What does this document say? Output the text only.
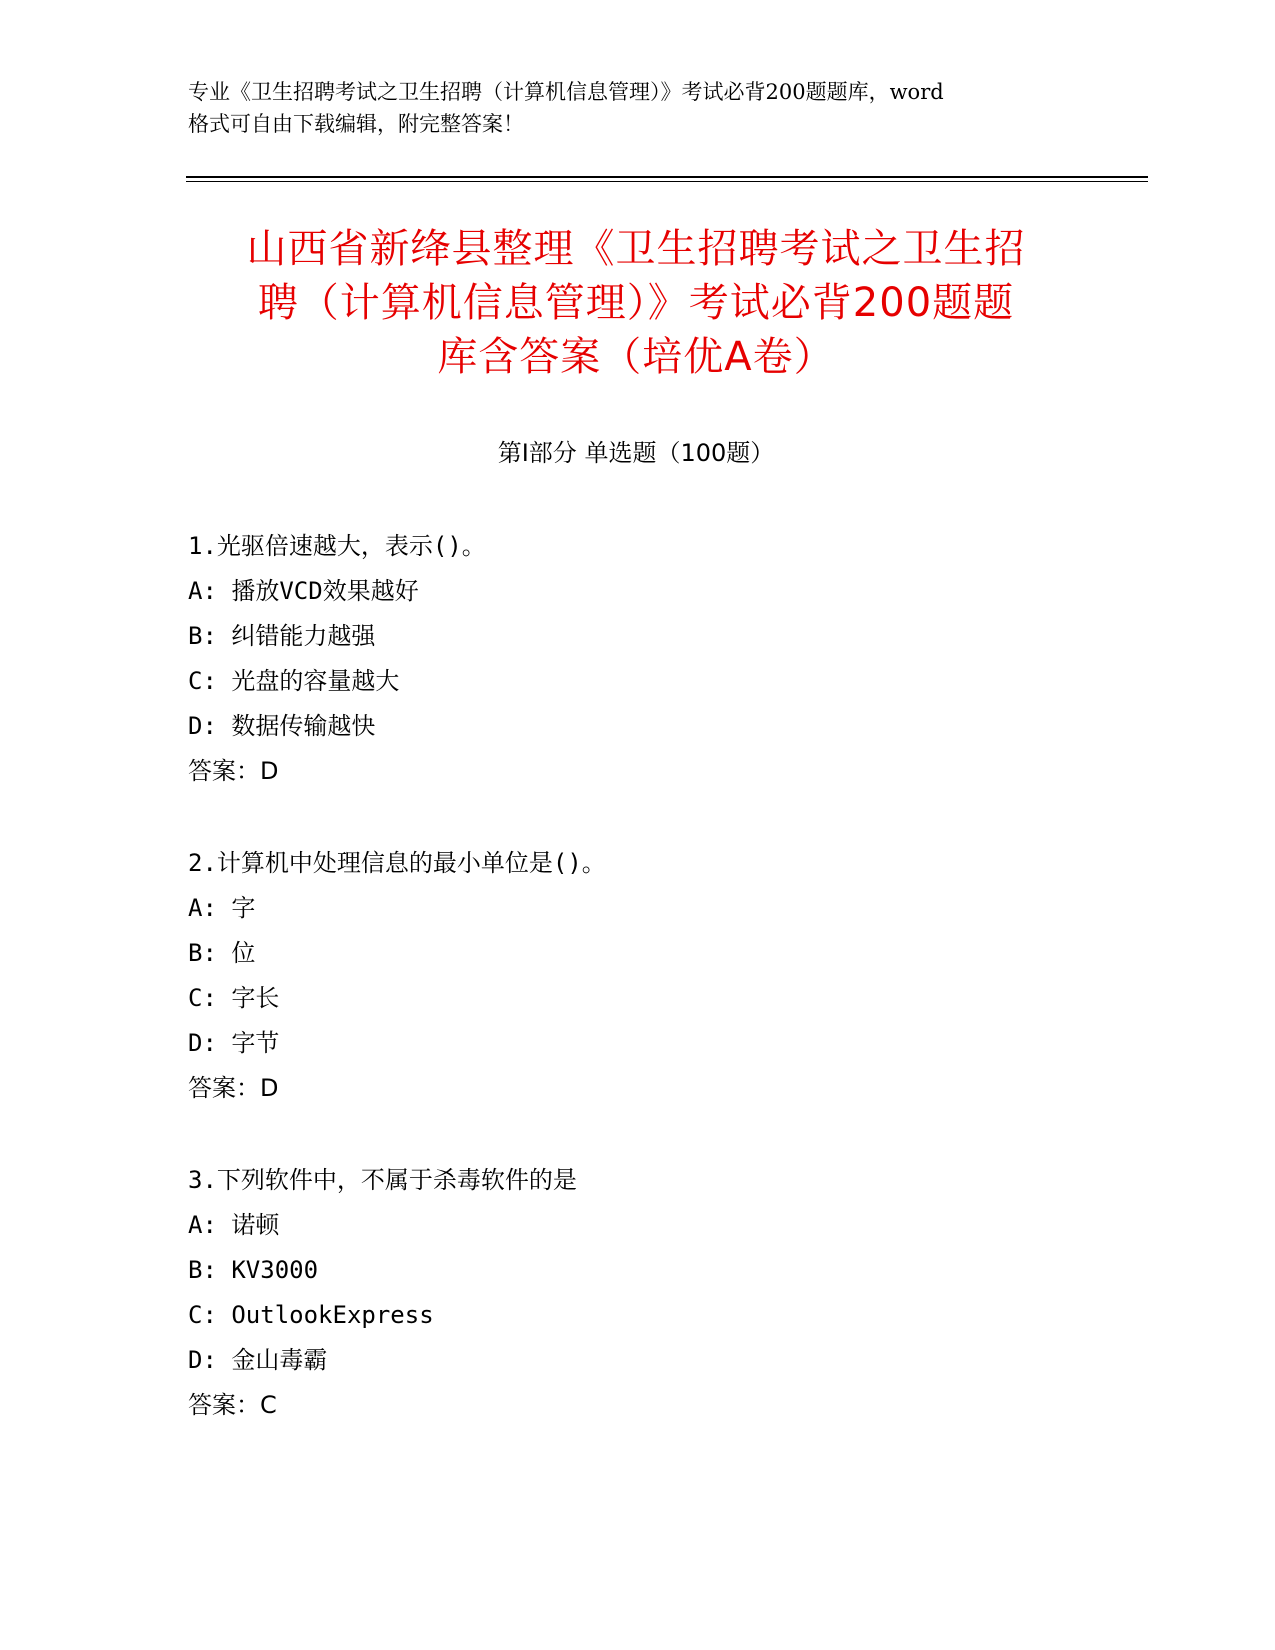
专业《卫生招聘考试之卫生招聘（计算机信息管理）》考试必背200题题库，word
格式可自由下载编辑，附完整答案！
山西省新绛县整理《卫生招聘考试之卫生招
聘（计算机信息管理）》考试必背200题题
库含答案（培优A卷）
第Ⅰ部分 单选题（100题）
1.光驱倍速越大，表示()。
A: 播放VCD效果越好
B: 纠错能力越强
C: 光盘的容量越大
D: 数据传输越快
答案：D
2.计算机中处理信息的最小单位是()。
A: 字
B: 位
C: 字长
D: 字节
答案：D
3.下列软件中，不属于杀毒软件的是
A: 诺顿
B: KV3000
C: OutlookExpress
D: 金山毒霸
答案：C
